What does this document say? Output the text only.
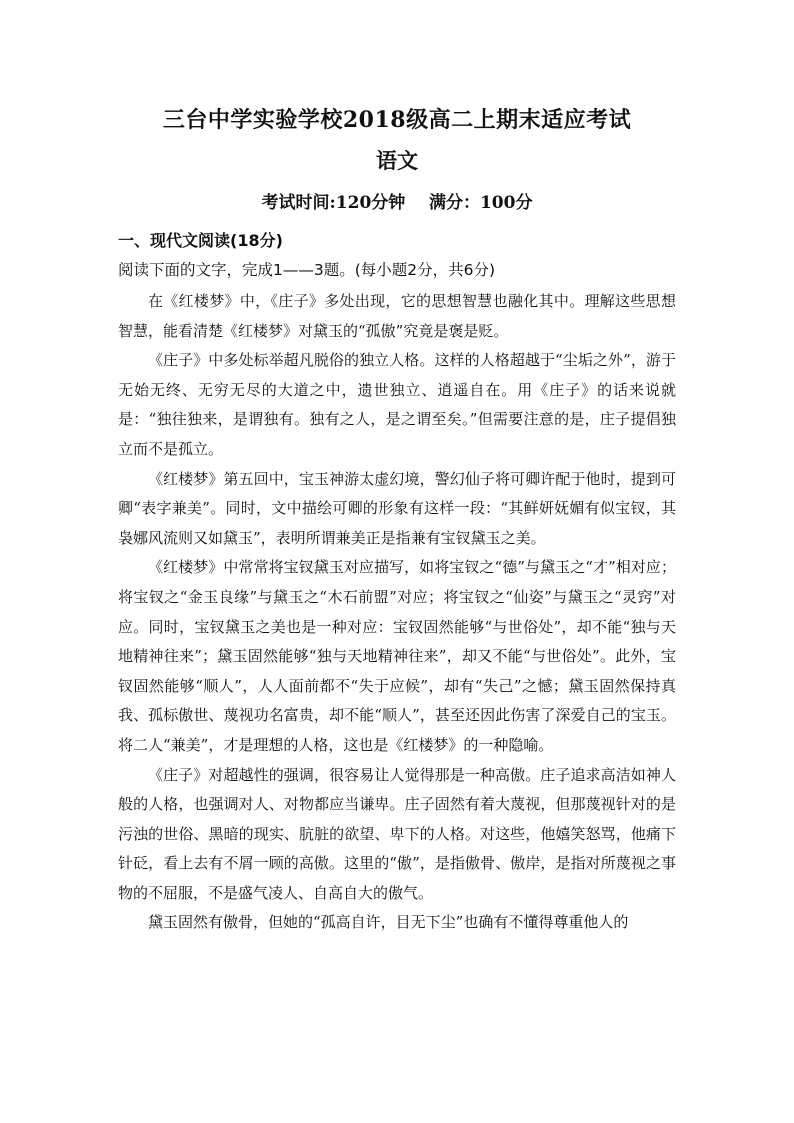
三台中学实验学校2018级高二上期末适应考试
语文
考试时间:120分钟    满分：100分
一、现代文阅读(18分)
阅读下面的文字，完成1——3题。(每小题2分，共6分)

在《红楼梦》中，《庄子》多处出现，它的思想智慧也融化其中。理解这些思想智慧，能看清楚《红楼梦》对黛玉的“孤傲”究竟是褒是贬。

《庄子》中多处标举超凡脱俗的独立人格。这样的人格超越于“尘垢之外”，游于无始无终、无穷无尽的大道之中，遗世独立、逍遥自在。用《庄子》的话来说就是：“独往独来，是谓独有。独有之人，是之谓至矣。”但需要注意的是，庄子提倡独立而不是孤立。

《红楼梦》第五回中，宝玉神游太虚幻境，警幻仙子将可卿许配于他时，提到可卿“表字兼美”。同时，文中描绘可卿的形象有这样一段：“其鲜妍妩媚有似宝钗，其袅娜风流则又如黛玉”，表明所谓兼美正是指兼有宝钗黛玉之美。

《红楼梦》中常常将宝钗黛玉对应描写，如将宝钗之“德”与黛玉之“才”相对应；将宝钗之“金玉良缘”与黛玉之“木石前盟”对应；将宝钗之“仙姿”与黛玉之“灵窍”对应。同时，宝钗黛玉之美也是一种对应：宝钗固然能够“与世俗处”，却不能“独与天地精神往来”；黛玉固然能够“独与天地精神往来”，却又不能“与世俗处”。此外，宝钗固然能够“顺人”，人人面前都不“失于应候”，却有“失己”之憾；黛玉固然保持真我、孤标傲世、蔑视功名富贵，却不能“顺人”，甚至还因此伤害了深爱自己的宝玉。将二人“兼美”，才是理想的人格，这也是《红楼梦》的一种隐喻。

《庄子》对超越性的强调，很容易让人觉得那是一种高傲。庄子追求高洁如神人般的人格，也强调对人、对物都应当谦卑。庄子固然有着大蔑视，但那蔑视针对的是污浊的世俗、黑暗的现实、肮脏的欲望、卑下的人格。对这些，他嬉笑怒骂，他痛下针砭，看上去有不屑一顾的高傲。这里的“傲”，是指傲骨、傲岸，是指对所蔑视之事物的不屈服，不是盛气凌人、自高自大的傲气。

黛玉固然有傲骨，但她的“孤高自许，目无下尘”也确有不懂得尊重他人的
